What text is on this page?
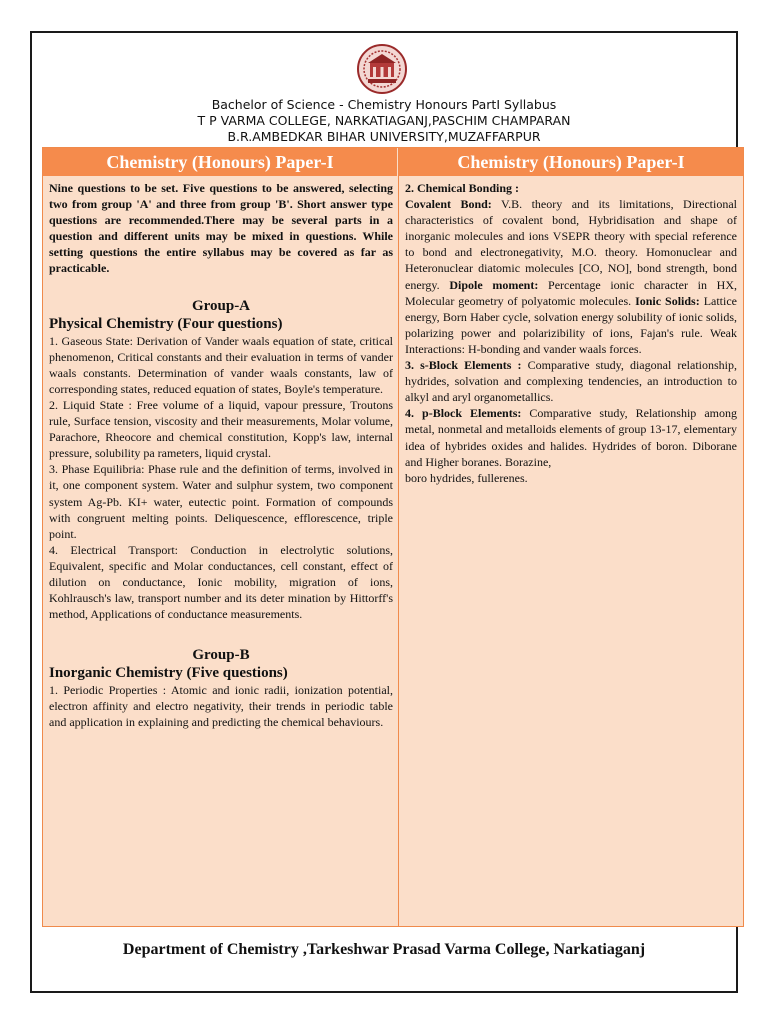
Bachelor of Science - Chemistry Honours PartI Syllabus
T P VARMA COLLEGE, NARKATIAGANJ,PASCHIM CHAMPARAN
B.R.AMBEDKAR BIHAR UNIVERSITY,MUZAFFARPUR
Chemistry (Honours) Paper-I	Chemistry (Honours) Paper-I

Nine questions to be set. Five questions to be answered, selecting two from group 'A' and three from group 'B'. Short answer type questions are recommended.There may be several parts in a question and different units may be mixed in questions. While setting questions the entire syllabus may be covered as far as practicable.

Group-A

Physical Chemistry (Four questions)

1. Gaseous State: Derivation of Vander waals equation of state, critical phenomenon, Critical constants and their evaluation in terms of vander waals constants. Determination of vander waals constants, law of corresponding states, reduced equation of states, Boyle's temperature.

2. Liquid State : Free volume of a liquid, vapour pressure, Troutons rule, Surface tension, viscosity and their measurements, Molar volume, Parachore, Rheocore and chemical constitution, Kopp's law, internal pressure, solubility pa rameters, liquid crystal.

3. Phase Equilibria: Phase rule and the definition of terms, involved in it, one component system. Water and sulphur system, two component system Ag-Pb. KI+ water, eutectic point. Formation of compounds with congruent melting points. Deliquescence, efflorescence, triple point.

4. Electrical Transport: Conduction in electrolytic solutions, Equivalent, specific and Molar conductances, cell constant, effect of dilution on conductance, Ionic mobility, migration of ions, Kohlrausch's law, transport number and its deter mination by Hittorff's method, Applications of conductance measurements.

Group-B

Inorganic Chemistry (Five questions)

1. Periodic Properties : Atomic and ionic radii, ionization potential, electron affinity and electro negativity, their trends in periodic table and application in explaining and predicting the chemical behaviours.

2. Chemical Bonding :

Covalent Bond: V.B. theory and its limitations, Directional characteristics of covalent bond, Hybridisation and shape of inorganic molecules and ions VSEPR theory with special reference to bond and electronegativity, M.O. theory. Homonuclear and Heteronuclear diatomic molecules [CO, NO], bond strength, bond energy. Dipole moment: Percentage ionic character in HX, Molecular geometry of polyatomic molecules. Ionic Solids: Lattice energy, Born Haber cycle, solvation energy solubility of ionic solids, polarizing power and polarizibility of ions, Fajan's rule. Weak Interactions: H-bonding and vander waals forces.

3. s-Block Elements : Comparative study, diagonal relationship, hydrides, solvation and complexing tendencies, an introduction to alkyl and aryl organometallics.

4. p-Block Elements: Comparative study, Relationship among metal, nonmetal and metalloids elements of group 13-17, elementary idea of hybrides oxides and halides. Hydrides of boron. Diborane and Higher boranes. Borazine,

boro hydrides, fullerenes.

Department of Chemistry ,Tarkeshwar Prasad Varma College, Narkatiaganj
